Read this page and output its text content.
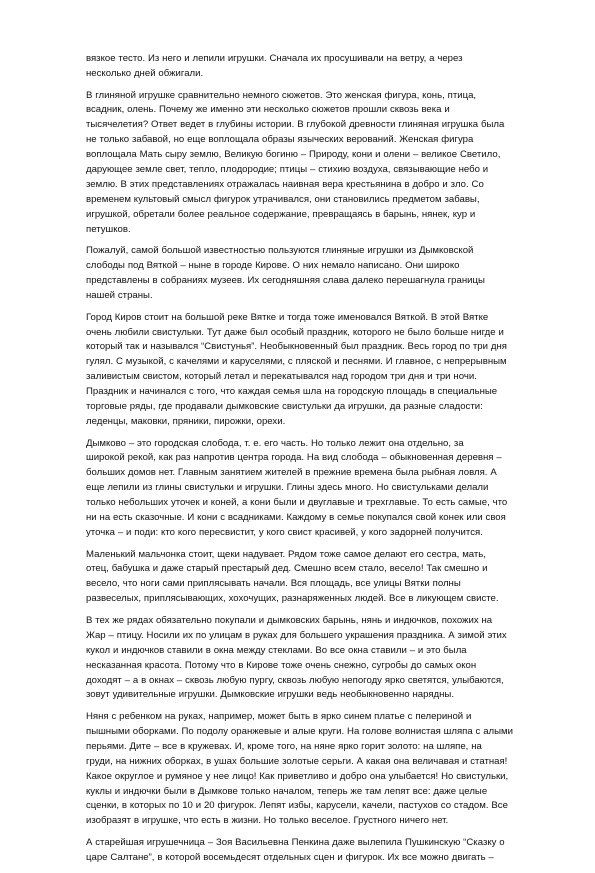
вязкое тесто. Из него и лепили игрушки. Сначала их просушивали на ветру, а через
несколько дней обжигали.
В глиняной игрушке сравнительно немного сюжетов. Это женская фигура, конь, птица,
всадник, олень. Почему же именно эти несколько сюжетов прошли сквозь века и
тысячелетия? Ответ ведет в глубины истории. В глубокой древности глиняная игрушка была
не только забавой, но еще воплощала образы языческих верований. Женская фигура
воплощала Мать сыру землю, Великую богиню – Природу, кони и олени – великое Светило,
дарующее земле свет, тепло, плодородие; птицы – стихию воздуха, связывающие небо и
землю. В этих представлениях отражалась наивная вера крестьянина в добро и зло. Со
временем культовый смысл фигурок утрачивался, они становились предметом забавы,
игрушкой, обретали более реальное содержание, превращаясь в барынь, нянек, кур и
петушков.
Пожалуй, самой большой известностью пользуются глиняные игрушки из Дымковской
слободы под Вяткой – ныне в городе Кирове. О них немало написано. Они широко
представлены в собраниях музеев. Их сегодняшняя слава далеко перешагнула границы
нашей страны.
Город Киров стоит на большой реке Вятке и тогда тоже именовался Вяткой. В этой Вятке
очень любили свистульки. Тут даже был особый праздник, которого не было больше нигде и
который так и назывался “Свистунья”. Необыкновенный был праздник. Весь город по три дня
гулял. С музыкой, с качелями и каруселями, с пляской и песнями. И главное, с непрерывным
заливистым свистом, который летал и перекатывался над городом три дня и три ночи.
Праздник и начинался с того, что каждая семья шла на городскую площадь в специальные
торговые ряды, где продавали дымковские свистульки да игрушки, да разные сладости:
леденцы, маковки, пряники, пирожки, орехи.
Дымково – это городская слобода, т. е. его часть. Но только лежит она отдельно, за
широкой рекой, как раз напротив центра города. На вид слобода – обыкновенная деревня –
больших домов нет. Главным занятием жителей в прежние времена была рыбная ловля. А
еще лепили из глины свистульки и игрушки. Глины здесь много. Но свистульками делали
только небольших уточек и коней, а кони были и двуглавые и трехглавые. То есть самые, что
ни на есть сказочные. И кони с всадниками. Каждому в семье покупался свой конек или своя
уточка – и поди: кто кого пересвистит, у кого свист красивей, у кого задорней получится.
Маленький мальчонка стоит, щеки надувает. Рядом тоже самое делают его сестра, мать,
отец, бабушка и даже старый престарый дед. Смешно всем стало, весело! Так смешно и
весело, что ноги сами приплясывать начали. Вся площадь, все улицы Вятки полны
развеселых, приплясывающих, хохочущих, разнаряженных людей. Все в ликующем свисте.
В тех же рядах обязательно покупали и дымковских барынь, нянь и индючков, похожих на
Жар – птицу. Носили их по улицам в руках для большего украшения праздника. А зимой этих
кукол и индючков ставили в окна между стеклами. Во все окна ставили – и это была
несказанная красота. Потому что в Кирове тоже очень снежно, сугробы до самых окон
доходят – а в окнах – сквозь любую пургу, сквозь любую непогоду ярко светятся, улыбаются,
зовут удивительные игрушки. Дымковские игрушки ведь необыкновенно нарядны.
Няня с ребенком на руках, например, может быть в ярко синем платье с пелериной и
пышными оборками. По подолу оранжевые и алые круги. На голове волнистая шляпа с алыми
перьями. Дите – все в кружевах. И, кроме того, на няне ярко горит золото: на шляпе, на
груди, на нижних оборках, в ушах большие золотые серьги. А какая она величавая и статная!
Какое округлое и румяное у нее лицо! Как приветливо и добро она улыбается! Но свистульки,
куклы и индючки были в Дымкове только началом, теперь же там лепят все: даже целые
сценки, в которых по 10 и 20 фигурок. Лепят избы, карусели, качели, пастухов со стадом. Все
изобразят в игрушке, что есть в жизни. Но только веселое. Грустного ничего нет.
А старейшая игрушечница – Зоя Васильевна Пенкина даже вылепила Пушкинскую “Сказку о
царе Салтане”, в которой восемьдесят отдельных сцен и фигурок. Их все можно двигать –
